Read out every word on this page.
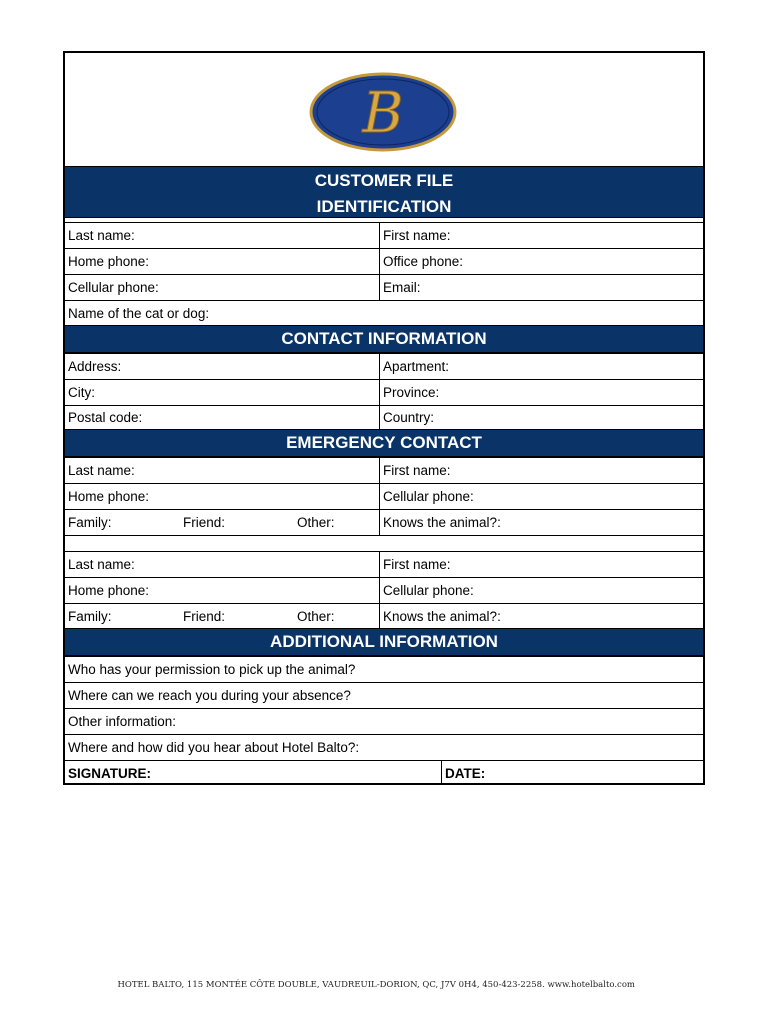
B
CUSTOMER FILE
IDENTIFICATION
Last name:	First name:
Home phone:	Office phone:
Cellular phone:	Email:
Name of the cat or dog:
CONTACT INFORMATION
Address:	Apartment:
City:	Province:
Postal code:	Country:
EMERGENCY CONTACT
Last name:	First name:
Home phone:	Cellular phone:
Family:	Friend:	Other:	Knows the animal?:
Last name:	First name:
Home phone:	Cellular phone:
Family:	Friend:	Other:	Knows the animal?:
ADDITIONAL INFORMATION
Who has your permission to pick up the animal?
Where can we reach you during your absence?
Other information:
Where and how did you hear about Hotel Balto?:
SIGNATURE:	DATE:
HOTEL BALTO, 115 MONTÉE CÔTE DOUBLE, VAUDREUIL-DORION, QC, J7V 0H4, 450-423-2258. www.hotelbalto.com
